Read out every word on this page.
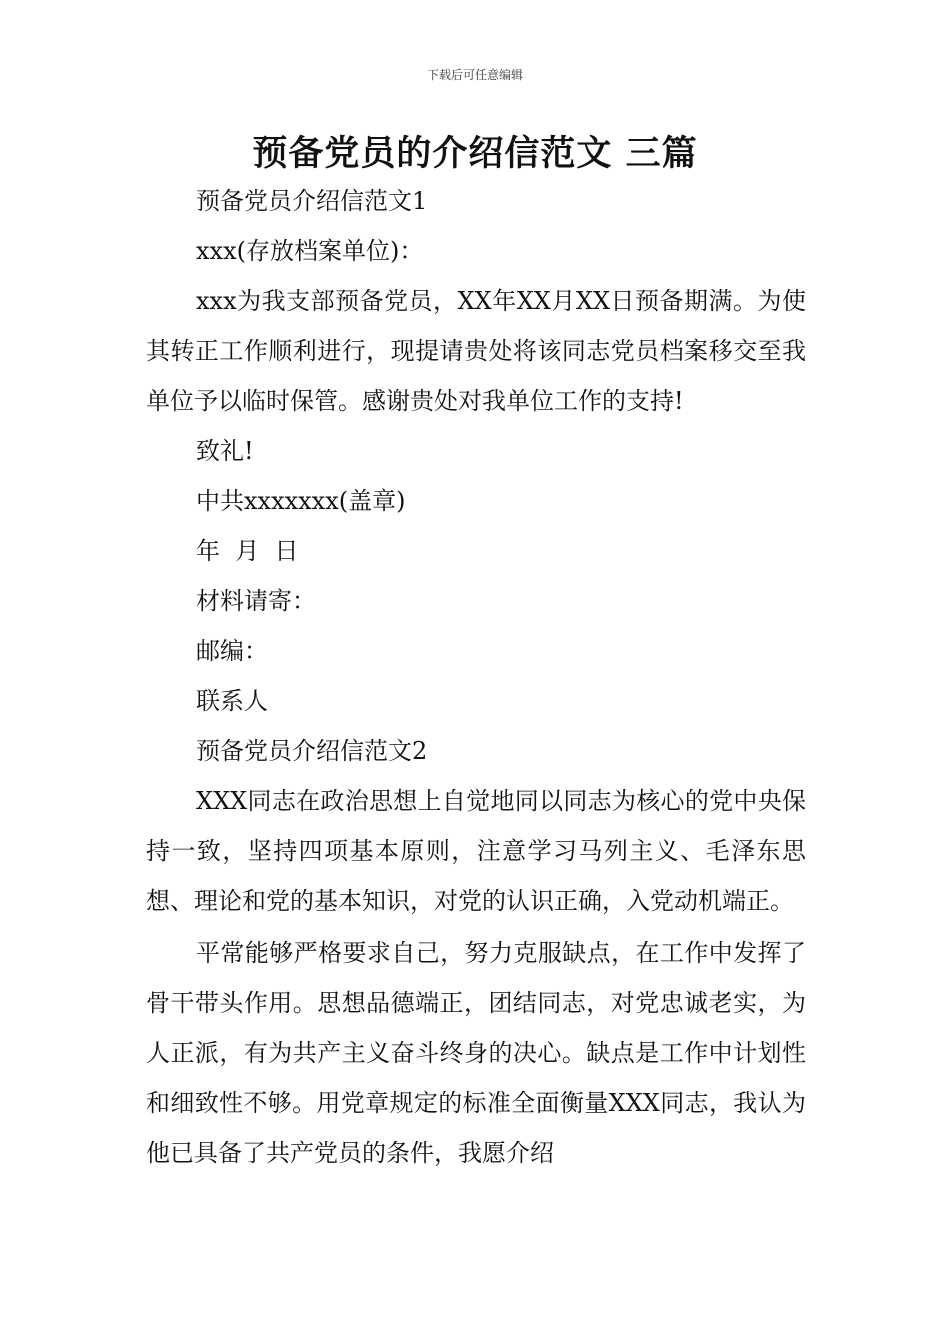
下载后可任意编辑
预备党员的介绍信范文 三篇

预备党员介绍信范文1

xxx(存放档案单位)：

xxx为我支部预备党员，XX年XX月XX日预备期满。为使其转正工作顺利进行，现提请贵处将该同志党员档案移交至我单位予以临时保管。感谢贵处对我单位工作的支持!

致礼!

中共xxxxxxx(盖章)

年  月  日

材料请寄：

邮编：

联系人

预备党员介绍信范文2

XXX同志在政治思想上自觉地同以同志为核心的党中央保持一致，坚持四项基本原则，注意学习马列主义、毛泽东思想、理论和党的基本知识，对党的认识正确，入党动机端正。

平常能够严格要求自己，努力克服缺点，在工作中发挥了骨干带头作用。思想品德端正，团结同志，对党忠诚老实，为人正派，有为共产主义奋斗终身的决心。缺点是工作中计划性和细致性不够。用党章规定的标准全面衡量XXX同志，我认为他已具备了共产党员的条件，我愿介绍
